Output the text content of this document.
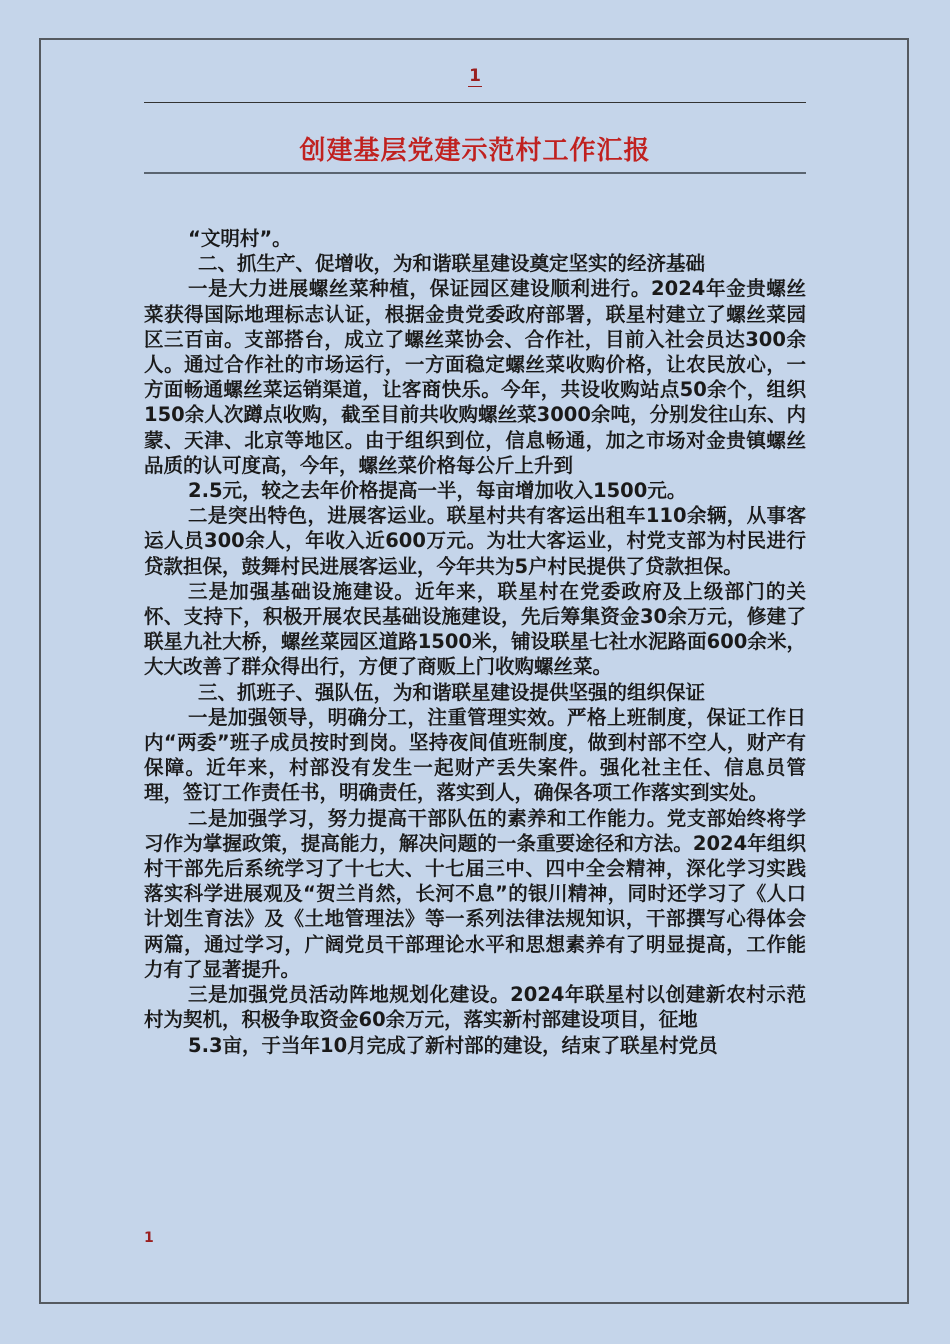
1
创建基层党建示范村工作汇报

“文明村”。

二、抓生产、促增收，为和谐联星建设奠定坚实的经济基础

一是大力进展螺丝菜种植，保证园区建设顺利进行。2024年金贵螺丝菜获得国际地理标志认证，根据金贵党委政府部署，联星村建立了螺丝菜园区三百亩。支部搭台，成立了螺丝菜协会、合作社，目前入社会员达300余人。通过合作社的市场运行，一方面稳定螺丝菜收购价格，让农民放心，一方面畅通螺丝菜运销渠道，让客商快乐。今年，共设收购站点50余个，组织150余人次蹲点收购，截至目前共收购螺丝菜3000余吨，分别发往山东、内蒙、天津、北京等地区。由于组织到位，信息畅通，加之市场对金贵镇螺丝品质的认可度高，今年，螺丝菜价格每公斤上升到

2.5元，较之去年价格提高一半，每亩增加收入1500元。

二是突出特色，进展客运业。联星村共有客运出租车110余辆，从事客运人员300余人，年收入近600万元。为壮大客运业，村党支部为村民进行贷款担保，鼓舞村民进展客运业，今年共为5户村民提供了贷款担保。

三是加强基础设施建设。近年来，联星村在党委政府及上级部门的关怀、支持下，积极开展农民基础设施建设，先后筹集资金30余万元，修建了联星九社大桥，螺丝菜园区道路1500米，铺设联星七社水泥路面600余米，大大改善了群众得出行，方便了商贩上门收购螺丝菜。

三、抓班子、强队伍，为和谐联星建设提供坚强的组织保证

一是加强领导，明确分工，注重管理实效。严格上班制度，保证工作日内“两委”班子成员按时到岗。坚持夜间值班制度，做到村部不空人，财产有保障。近年来，村部没有发生一起财产丢失案件。强化社主任、信息员管理，签订工作责任书，明确责任，落实到人，确保各项工作落实到实处。

二是加强学习，努力提高干部队伍的素养和工作能力。党支部始终将学习作为掌握政策，提高能力，解决问题的一条重要途径和方法。2024年组织村干部先后系统学习了十七大、十七届三中、四中全会精神，深化学习实践落实科学进展观及“贺兰肖然，长河不息”的银川精神，同时还学习了《人口计划生育法》及《土地管理法》等一系列法律法规知识，干部撰写心得体会两篇，通过学习，广阔党员干部理论水平和思想素养有了明显提高，工作能力有了显著提升。

三是加强党员活动阵地规划化建设。2024年联星村以创建新农村示范村为契机，积极争取资金60余万元，落实新村部建设项目，征地

5.3亩，于当年10月完成了新村部的建设，结束了联星村党员

1
